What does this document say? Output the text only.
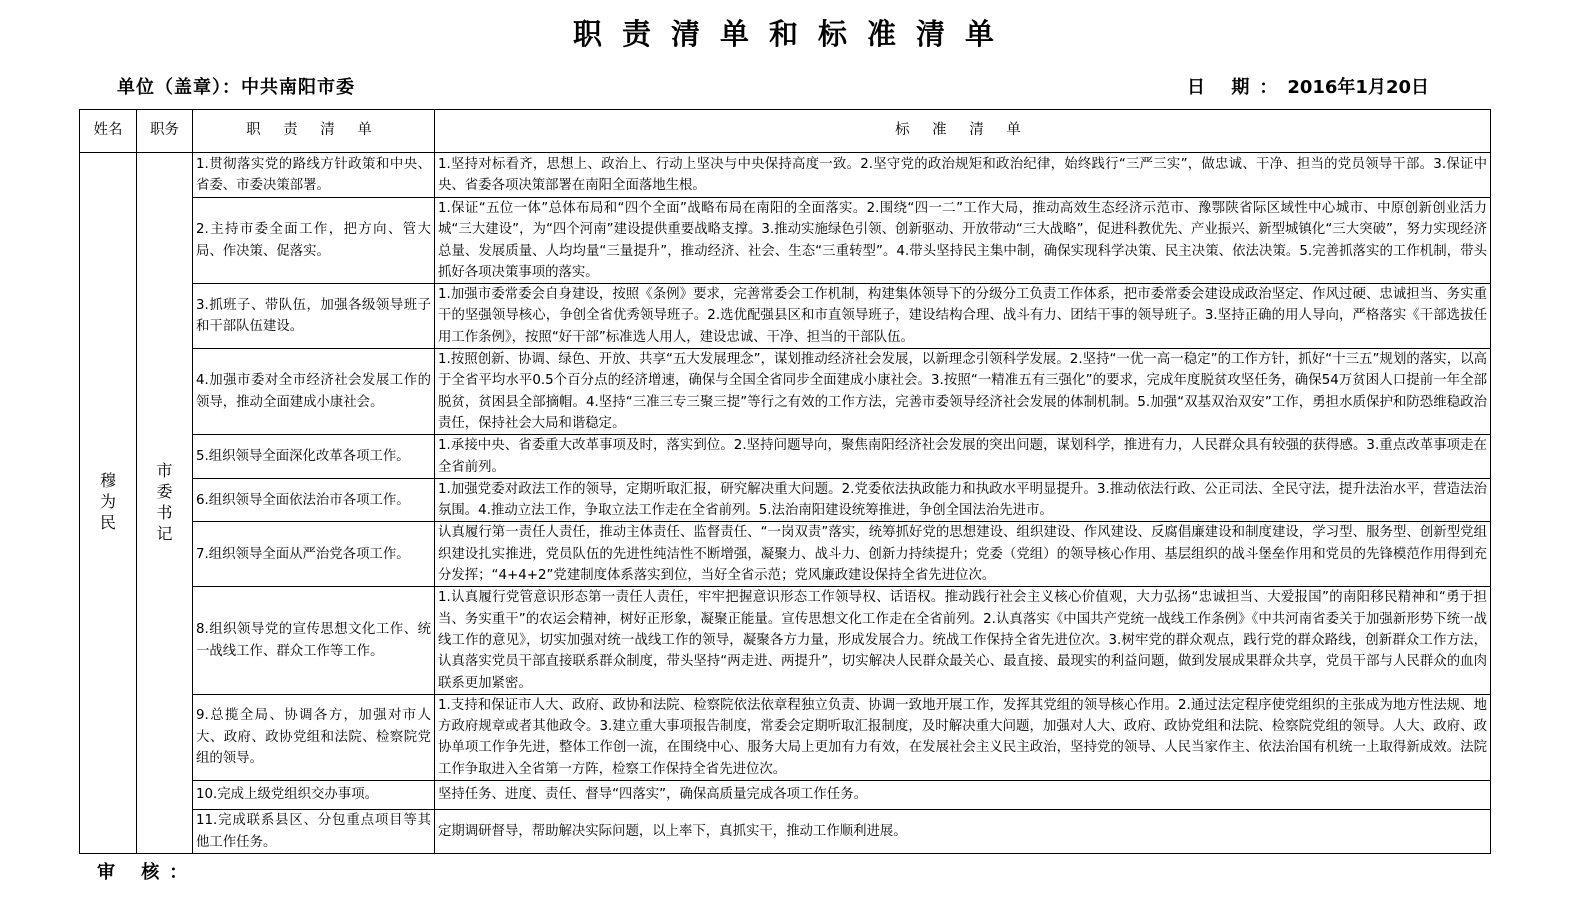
职责清单和标准清单
单位（盖章）：中共南阳市委	日 期：2016年1月20日
姓名	职务	职 责 清 单	标 准 清 单
穆为民	市委书记	1.贯彻落实党的路线方针政策和中央、省委、市委决策部署。	1.坚持对标看齐，思想上、政治上、行动上坚决与中央保持高度一致。2.坚守党的政治规矩和政治纪律，始终践行“三严三实”，做忠诚、干净、担当的党员领导干部。3.保证中央、省委各项决策部署在南阳全面落地生根。
		2.主持市委全面工作，把方向、管大局、作决策、促落实。	1.保证“五位一体”总体布局和“四个全面”战略布局在南阳的全面落实。2.围绕“四一二”工作大局，推动高效生态经济示范市、豫鄂陕省际区域性中心城市、中原创新创业活力城“三大建设”，为“四个河南”建设提供重要战略支撑。3.推动实施绿色引领、创新驱动、开放带动“三大战略”，促进科教优先、产业振兴、新型城镇化“三大突破”，努力实现经济总量、发展质量、人均均量“三量提升”，推动经济、社会、生态“三重转型”。4.带头坚持民主集中制，确保实现科学决策、民主决策、依法决策。5.完善抓落实的工作机制，带头抓好各项决策事项的落实。
		3.抓班子、带队伍，加强各级领导班子和干部队伍建设。	1.加强市委常委会自身建设，按照《条例》要求，完善常委会工作机制，构建集体领导下的分级分工负责工作体系，把市委常委会建设成政治坚定、作风过硬、忠诚担当、务实重干的坚强领导核心，争创全省优秀领导班子。2.选优配强县区和市直领导班子，建设结构合理、战斗有力、团结干事的领导班子。3.坚持正确的用人导向，严格落实《干部选拔任用工作条例》，按照“好干部”标准选人用人，建设忠诚、干净、担当的干部队伍。
		4.加强市委对全市经济社会发展工作的领导，推动全面建成小康社会。	1.按照创新、协调、绿色、开放、共享“五大发展理念”，谋划推动经济社会发展，以新理念引领科学发展。2.坚持“一优一高一稳定”的工作方针，抓好“十三五”规划的落实，以高于全省平均水平0.5个百分点的经济增速，确保与全国全省同步全面建成小康社会。3.按照“一精准五有三强化”的要求，完成年度脱贫攻坚任务，确保54万贫困人口提前一年全部脱贫，贫困县全部摘帽。4.坚持“三准三专三聚三提”等行之有效的工作方法，完善市委领导经济社会发展的体制机制。5.加强“双基双治双安”工作，勇担水质保护和防恐维稳政治责任，保持社会大局和谐稳定。
		5.组织领导全面深化改革各项工作。	1.承接中央、省委重大改革事项及时，落实到位。2.坚持问题导向，聚焦南阳经济社会发展的突出问题，谋划科学，推进有力，人民群众具有较强的获得感。3.重点改革事项走在全省前列。
		6.组织领导全面依法治市各项工作。	1.加强党委对政法工作的领导，定期听取汇报，研究解决重大问题。2.党委依法执政能力和执政水平明显提升。3.推动依法行政、公正司法、全民守法，提升法治水平，营造法治氛围。4.推动立法工作，争取立法工作走在全省前列。5.法治南阳建设统筹推进，争创全国法治先进市。
		7.组织领导全面从严治党各项工作。	认真履行第一责任人责任，推动主体责任、监督责任、“一岗双责”落实，统筹抓好党的思想建设、组织建设、作风建设、反腐倡廉建设和制度建设，学习型、服务型、创新型党组织建设扎实推进，党员队伍的先进性纯洁性不断增强，凝聚力、战斗力、创新力持续提升；党委（党组）的领导核心作用、基层组织的战斗堡垒作用和党员的先锋模范作用得到充分发挥；“4+4+2”党建制度体系落实到位，当好全省示范；党风廉政建设保持全省先进位次。
		8.组织领导党的宣传思想文化工作、统一战线工作、群众工作等工作。	1.认真履行党管意识形态第一责任人责任，牢牢把握意识形态工作领导权、话语权。推动践行社会主义核心价值观，大力弘扬“忠诚担当、大爱报国”的南阳移民精神和“勇于担当、务实重干”的农运会精神，树好正形象，凝聚正能量。宣传思想文化工作走在全省前列。2.认真落实《中国共产党统一战线工作条例》《中共河南省委关于加强新形势下统一战线工作的意见》，切实加强对统一战线工作的领导，凝聚各方力量，形成发展合力。统战工作保持全省先进位次。3.树牢党的群众观点，践行党的群众路线，创新群众工作方法，认真落实党员干部直接联系群众制度，带头坚持“两走进、两提升”，切实解决人民群众最关心、最直接、最现实的利益问题，做到发展成果群众共享，党员干部与人民群众的血肉联系更加紧密。
		9.总揽全局、协调各方，加强对市人大、政府、政协党组和法院、检察院党组的领导。	1.支持和保证市人大、政府、政协和法院、检察院依法依章程独立负责、协调一致地开展工作，发挥其党组的领导核心作用。2.通过法定程序使党组织的主张成为地方性法规、地方政府规章或者其他政令。3.建立重大事项报告制度，常委会定期听取汇报制度，及时解决重大问题，加强对人大、政府、政协党组和法院、检察院党组的领导。人大、政府、政协单项工作争先进，整体工作创一流，在围绕中心、服务大局上更加有力有效，在发展社会主义民主政治，坚持党的领导、人民当家作主、依法治国有机统一上取得新成效。法院工作争取进入全省第一方阵，检察工作保持全省先进位次。
		10.完成上级党组织交办事项。	坚持任务、进度、责任、督导“四落实”，确保高质量完成各项工作任务。
		11.完成联系县区、分包重点项目等其他工作任务。	定期调研督导，帮助解决实际问题，以上率下，真抓实干，推动工作顺利进展。
审 核：
